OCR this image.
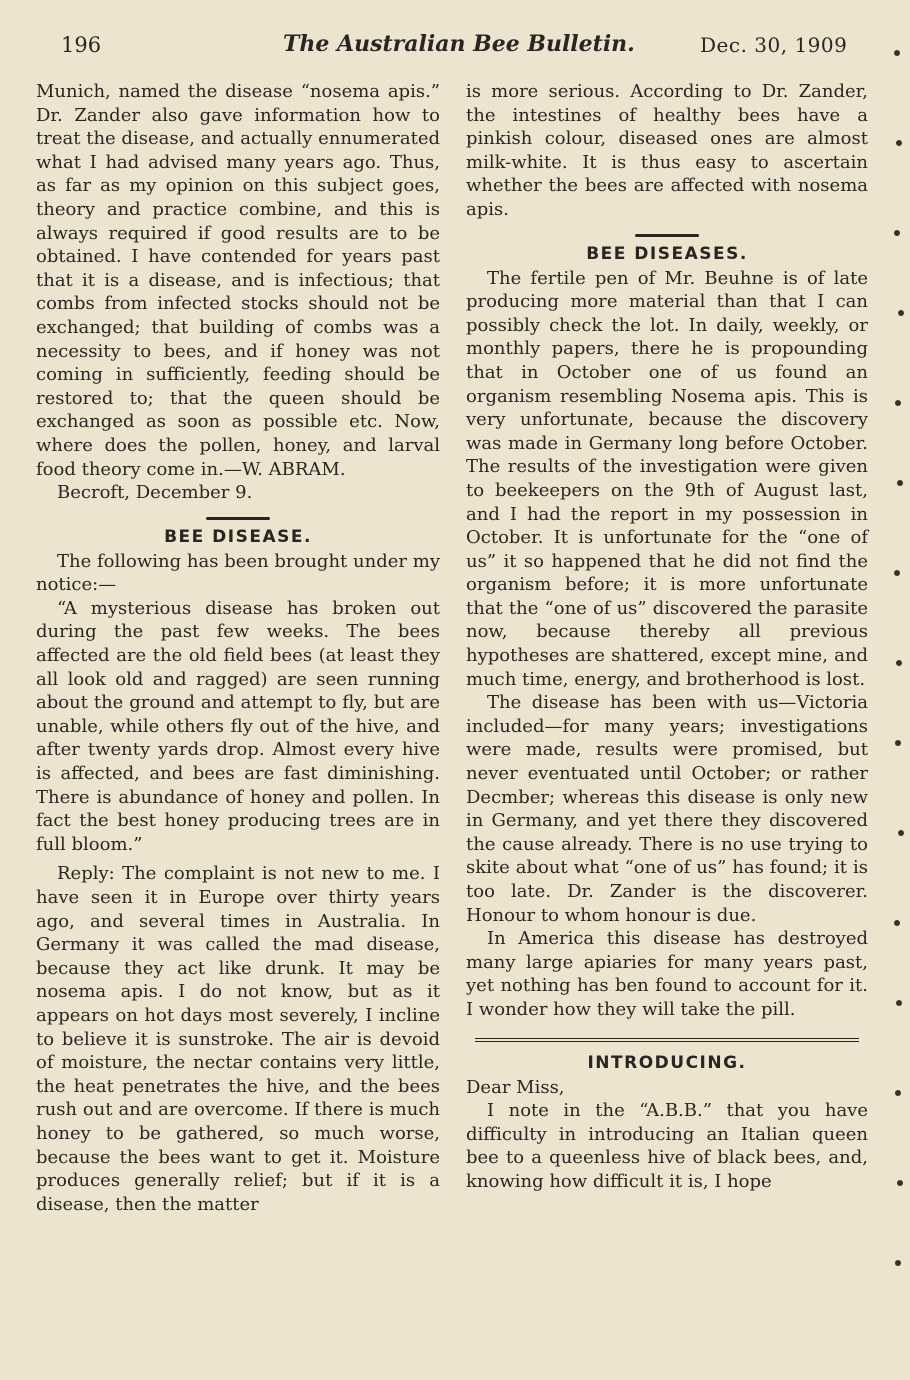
196	The Australian Bee Bulletin.	Dec. 30, 1909

Munich, named the disease “nosema apis.” Dr. Zander also gave information how to treat the disease, and actually ennumerated what I had advised many years ago. Thus, as far as my opinion on this subject goes, theory and practice combine, and this is always required if good results are to be obtained. I have contended for years past that it is a disease, and is infectious; that combs from infected stocks should not be exchanged; that building of combs was a necessity to bees, and if honey was not coming in sufficiently, feeding should be restored to; that the queen should be exchanged as soon as possible etc. Now, where does the pollen, honey, and larval food theory come in.—W. ABRAM.

Becroft, December 9.

BEE DISEASE.

The following has been brought under my notice:—

“A mysterious disease has broken out during the past few weeks. The bees affected are the old field bees (at least they all look old and ragged) are seen running about the ground and attempt to fly, but are unable, while others fly out of the hive, and after twenty yards drop. Almost every hive is affected, and bees are fast diminishing. There is abundance of honey and pollen. In fact the best honey producing trees are in full bloom.”

Reply: The complaint is not new to me. I have seen it in Europe over thirty years ago, and several times in Australia. In Germany it was called the mad disease, because they act like drunk. It may be nosema apis. I do not know, but as it appears on hot days most severely, I incline to believe it is sunstroke. The air is devoid of moisture, the nectar contains very little, the heat penetrates the hive, and the bees rush out and are overcome. If there is much honey to be gathered, so much worse, because the bees want to get it. Moisture produces generally relief; but if it is a disease, then the matter

is more serious. According to Dr. Zander, the intestines of healthy bees have a pinkish colour, diseased ones are almost milk-white. It is thus easy to ascertain whether the bees are affected with nosema apis.

BEE DISEASES.

The fertile pen of Mr. Beuhne is of late producing more material than that I can possibly check the lot. In daily, weekly, or monthly papers, there he is propounding that in October one of us found an organism resembling Nosema apis. This is very unfortunate, because the discovery was made in Germany long before October. The results of the investigation were given to beekeepers on the 9th of August last, and I had the report in my possession in October. It is unfortunate for the “one of us” it so happened that he did not find the organism before; it is more unfortunate that the “one of us” discovered the parasite now, because thereby all previous hypotheses are shattered, except mine, and much time, energy, and brotherhood is lost.

The disease has been with us—Victoria included—for many years; investigations were made, results were promised, but never eventuated until October; or rather Decmber; whereas this disease is only new in Germany, and yet there they discovered the cause already. There is no use trying to skite about what “one of us” has found; it is too late. Dr. Zander is the discoverer. Honour to whom honour is due.

In America this disease has destroyed many large apiaries for many years past, yet nothing has ben found to account for it. I wonder how they will take the pill.

INTRODUCING.

Dear Miss,

I note in the “A.B.B.” that you have difficulty in introducing an Italian queen bee to a queenless hive of black bees, and, knowing how difficult it is, I hope
